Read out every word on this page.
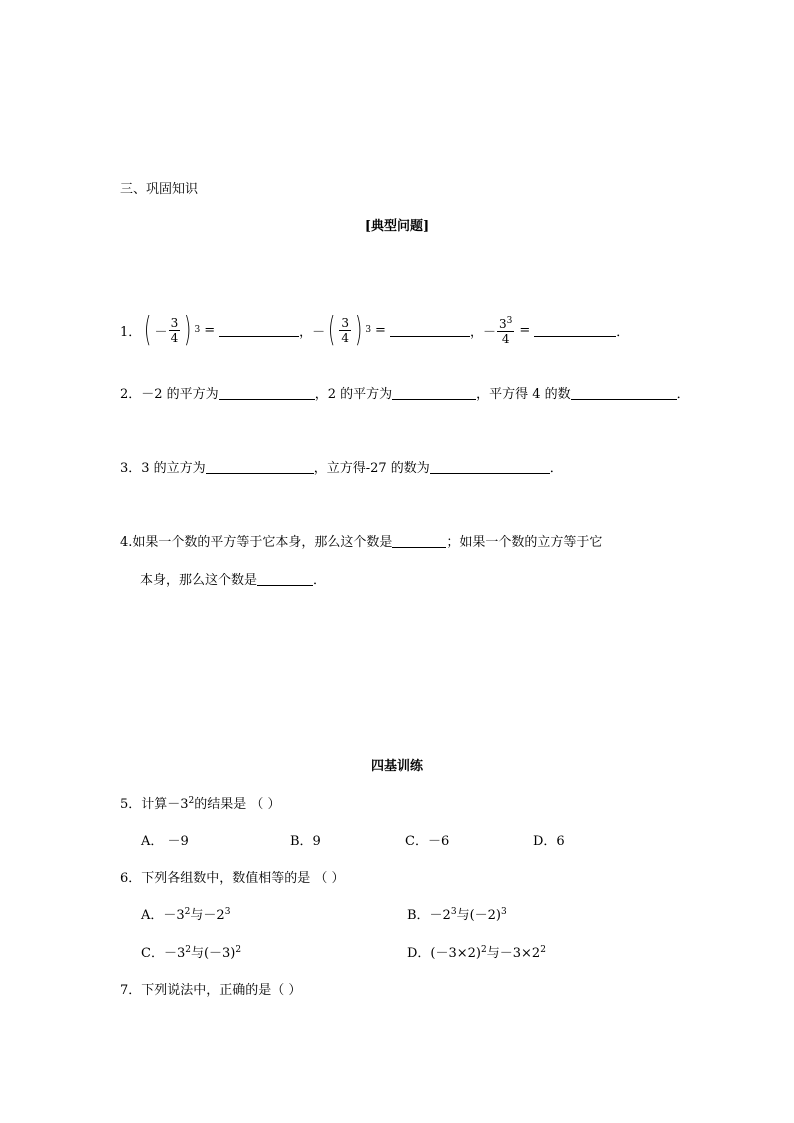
三、巩固知识
[典型问题]
1． ( － $\frac{3}{4}$ ) 3 =	， － ( $\frac{3}{4}$ ) 3 =	， － $\frac{3^3}{4}$ =	．
2．－2 的平方为	，2 的平方为	，平方得 4 的数	．
3．3 的立方为	，立方得-27 的数为	．
4.如果一个数的平方等于它本身，那么这个数是	；如果一个数的立方等于它
本身，那么这个数是	．
四基训练
5．计算$-3^2$的结果是 （ ）
A． －9	B．9	C．－6	D．6
6．下列各组数中，数值相等的是 （ ）
A．$-3^2$与$-2^3$	B．$-2^3$与$(-2)^3$
C．$-3^2$与$(-3)^2$	D．$(-3\times 2)^2$与$-3\times 2^2$
7．下列说法中，正确的是（ ）
